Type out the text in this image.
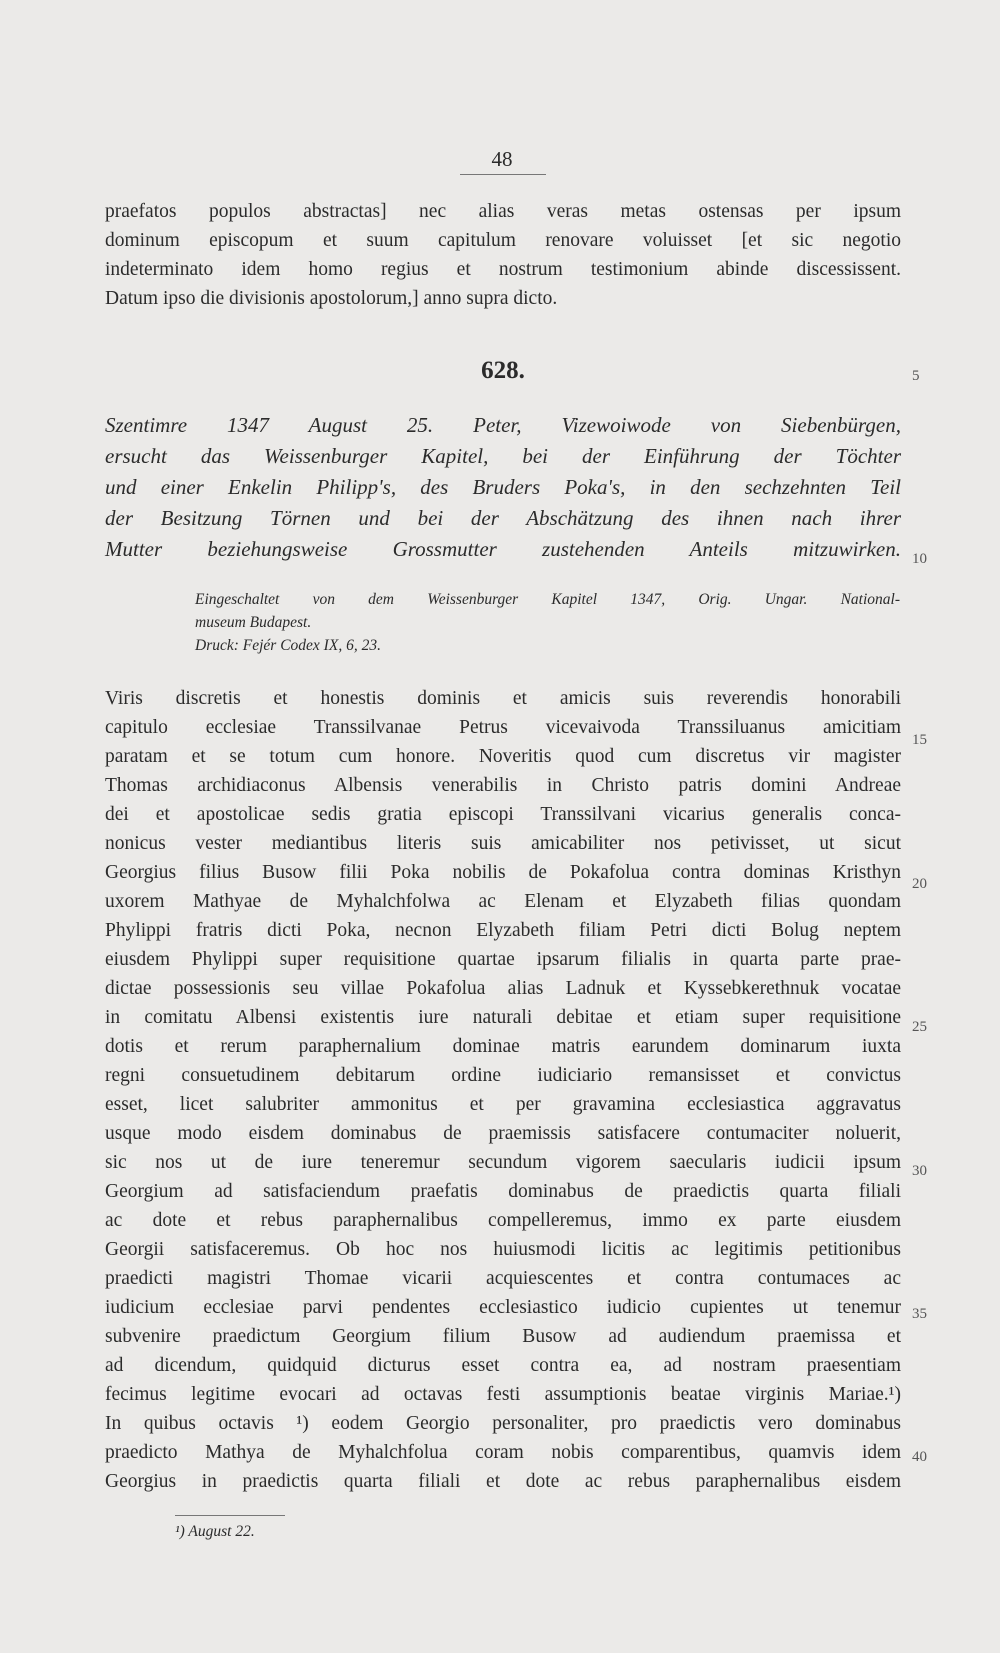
48
praefatos populos abstractas] nec alias veras metas ostensas per ipsum
dominum episcopum et suum capitulum renovare voluisset [et sic negotio
indeterminato idem homo regius et nostrum testimonium abinde discessissent.
Datum ipso die divisionis apostolorum,] anno supra dicto.
628.
Szentimre 1347 August 25. Peter, Vizewoiwode von Siebenbürgen,
ersucht das Weissenburger Kapitel, bei der Einführung der Töchter
und einer Enkelin Philipp's, des Bruders Poka's, in den sechzehnten Teil
der Besitzung Törnen und bei der Abschätzung des ihnen nach ihrer
Mutter beziehungsweise Grossmutter zustehenden Anteils mitzuwirken.
Eingeschaltet von dem Weissenburger Kapitel 1347, Orig. Ungar. National-
museum Budapest.
Druck: Fejér Codex IX, 6, 23.
Viris discretis et honestis dominis et amicis suis reverendis honorabili
capitulo ecclesiae Transsilvanae Petrus vicevaivoda Transsiluanus amicitiam
paratam et se totum cum honore. Noveritis quod cum discretus vir magister
Thomas archidiaconus Albensis venerabilis in Christo patris domini Andreae
dei et apostolicae sedis gratia episcopi Transsilvani vicarius generalis conca-
nonicus vester mediantibus literis suis amicabiliter nos petivisset, ut sicut
Georgius filius Busow filii Poka nobilis de Pokafolua contra dominas Kristhyn
uxorem Mathyae de Myhalchfolwa ac Elenam et Elyzabeth filias quondam
Phylippi fratris dicti Poka, necnon Elyzabeth filiam Petri dicti Bolug neptem
eiusdem Phylippi super requisitione quartae ipsarum filialis in quarta parte prae-
dictae possessionis seu villae Pokafolua alias Ladnuk et Kyssebkerethnuk vocatae
in comitatu Albensi existentis iure naturali debitae et etiam super requisitione
dotis et rerum paraphernalium dominae matris earundem dominarum iuxta
regni consuetudinem debitarum ordine iudiciario remansisset et convictus
esset, licet salubriter ammonitus et per gravamina ecclesiastica aggravatus
usque modo eisdem dominabus de praemissis satisfacere contumaciter noluerit,
sic nos ut de iure teneremur secundum vigorem saecularis iudicii ipsum
Georgium ad satisfaciendum praefatis dominabus de praedictis quarta filiali
ac dote et rebus paraphernalibus compelleremus, immo ex parte eiusdem
Georgii satisfaceremus. Ob hoc nos huiusmodi licitis ac legitimis petitionibus
praedicti magistri Thomae vicarii acquiescentes et contra contumaces ac
iudicium ecclesiae parvi pendentes ecclesiastico iudicio cupientes ut tenemur
subvenire praedictum Georgium filium Busow ad audiendum praemissa et
ad dicendum, quidquid dicturus esset contra ea, ad nostram praesentiam
fecimus legitime evocari ad octavas festi assumptionis beatae virginis Mariae.¹)
In quibus octavis ¹) eodem Georgio personaliter, pro praedictis vero dominabus
praedicto Mathya de Myhalchfolua coram nobis comparentibus, quamvis idem
Georgius in praedictis quarta filiali et dote ac rebus paraphernalibus eisdem
5
10
15
20
25
30
35
40
¹) August 22.
